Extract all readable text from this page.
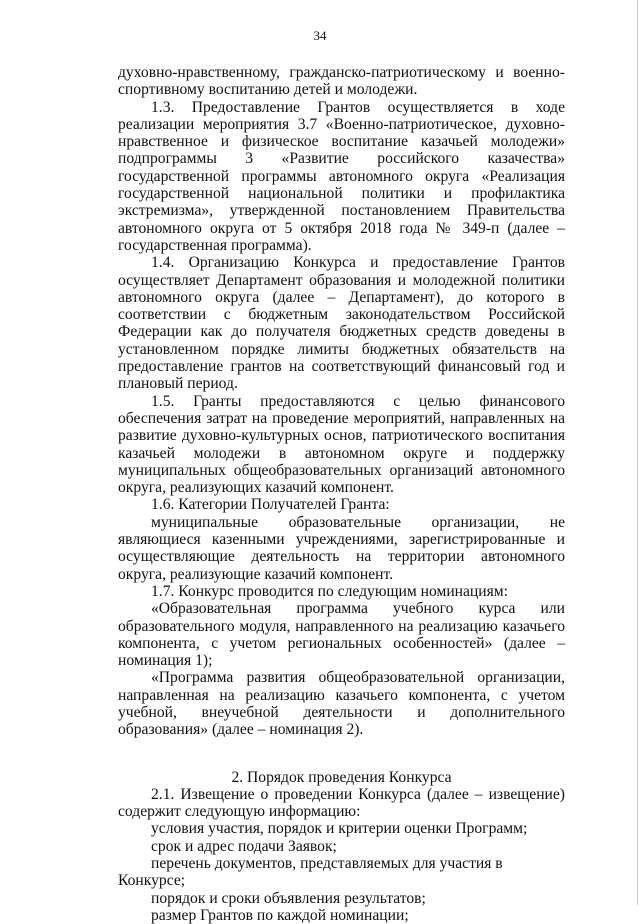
34

духовно-нравственному, гражданско-патриотическому и военно-спортивному воспитанию детей и молодежи.

1.3. Предоставление Грантов осуществляется в ходе реализации мероприятия 3.7 «Военно-патриотическое, духовно-нравственное и физическое воспитание казачьей молодежи» подпрограммы 3 «Развитие российского казачества» государственной программы автономного округа «Реализация государственной национальной политики и профилактика экстремизма», утвержденной постановлением Правительства автономного округа от 5 октября 2018 года № 349-п (далее – государственная программа).

1.4. Организацию Конкурса и предоставление Грантов осуществляет Департамент образования и молодежной политики автономного округа (далее – Департамент), до которого в соответствии с бюджетным законодательством Российской Федерации как до получателя бюджетных средств доведены в установленном порядке лимиты бюджетных обязательств на предоставление грантов на соответствующий финансовый год и плановый период.

1.5. Гранты предоставляются с целью финансового обеспечения затрат на проведение мероприятий, направленных на развитие духовно-культурных основ, патриотического воспитания казачьей молодежи в автономном округе и поддержку муниципальных общеобразовательных организаций автономного округа, реализующих казачий компонент.

1.6. Категории Получателей Гранта:

муниципальные образовательные организации, не являющиеся казенными учреждениями, зарегистрированные и осуществляющие деятельность на территории автономного округа, реализующие казачий компонент.

1.7. Конкурс проводится по следующим номинациям:

«Образовательная программа учебного курса или образовательного модуля, направленного на реализацию казачьего компонента, с учетом региональных особенностей» (далее – номинация 1);

«Программа развития общеобразовательной организации, направленная на реализацию казачьего компонента, с учетом учебной, внеучебной деятельности и дополнительного образования» (далее – номинация 2).

2. Порядок проведения Конкурса

2.1. Извещение о проведении Конкурса (далее – извещение) содержит следующую информацию:

условия участия, порядок и критерии оценки Программ;

срок и адрес подачи Заявок;

перечень документов, представляемых для участия в Конкурсе;

порядок и сроки объявления результатов;

размер Грантов по каждой номинации;
